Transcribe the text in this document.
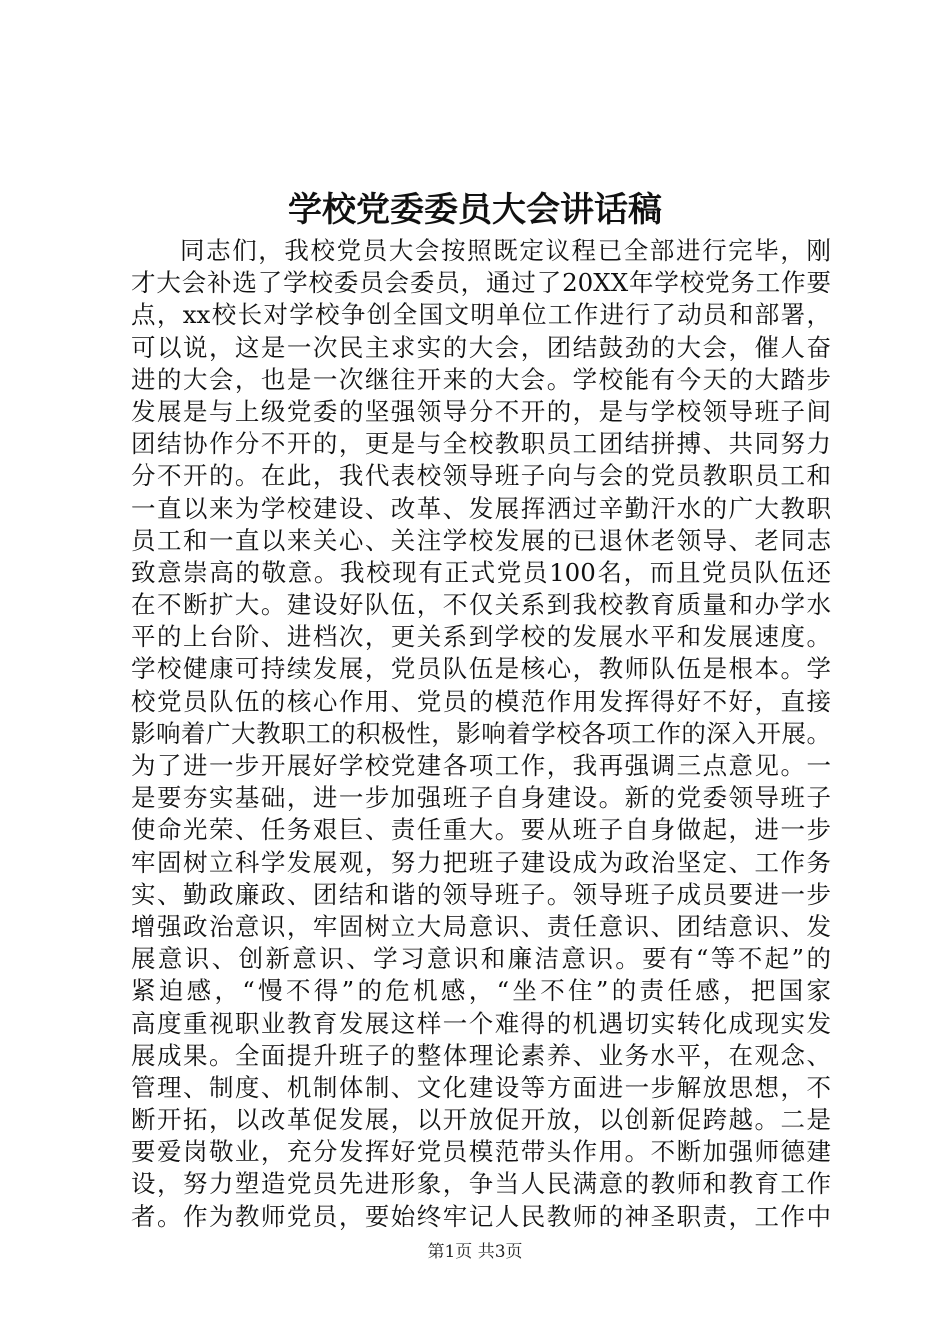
学校党委委员大会讲话稿
同志们，我校党员大会按照既定议程已全部进行完毕，刚
才大会补选了学校委员会委员，通过了20XX年学校党务工作要
点，xx校长对学校争创全国文明单位工作进行了动员和部署，
可以说，这是一次民主求实的大会，团结鼓劲的大会，催人奋
进的大会，也是一次继往开来的大会。学校能有今天的大踏步
发展是与上级党委的坚强领导分不开的，是与学校领导班子间
团结协作分不开的，更是与全校教职员工团结拼搏、共同努力
分不开的。在此，我代表校领导班子向与会的党员教职员工和
一直以来为学校建设、改革、发展挥洒过辛勤汗水的广大教职
员工和一直以来关心、关注学校发展的已退休老领导、老同志
致意崇高的敬意。我校现有正式党员100名，而且党员队伍还
在不断扩大。建设好队伍，不仅关系到我校教育质量和办学水
平的上台阶、进档次，更关系到学校的发展水平和发展速度。
学校健康可持续发展，党员队伍是核心，教师队伍是根本。学
校党员队伍的核心作用、党员的模范作用发挥得好不好，直接
影响着广大教职工的积极性，影响着学校各项工作的深入开展。
为了进一步开展好学校党建各项工作，我再强调三点意见。一
是要夯实基础，进一步加强班子自身建设。新的党委领导班子
使命光荣、任务艰巨、责任重大。要从班子自身做起，进一步
牢固树立科学发展观，努力把班子建设成为政治坚定、工作务
实、勤政廉政、团结和谐的领导班子。领导班子成员要进一步
增强政治意识，牢固树立大局意识、责任意识、团结意识、发
展意识、创新意识、学习意识和廉洁意识。要有“等不起”的
紧迫感，“慢不得”的危机感，“坐不住”的责任感，把国家
高度重视职业教育发展这样一个难得的机遇切实转化成现实发
展成果。全面提升班子的整体理论素养、业务水平，在观念、
管理、制度、机制体制、文化建设等方面进一步解放思想，不
断开拓，以改革促发展，以开放促开放，以创新促跨越。二是
要爱岗敬业，充分发挥好党员模范带头作用。不断加强师德建
设，努力塑造党员先进形象，争当人民满意的教师和教育工作
者。作为教师党员，要始终牢记人民教师的神圣职责，工作中
第1页 共3页
